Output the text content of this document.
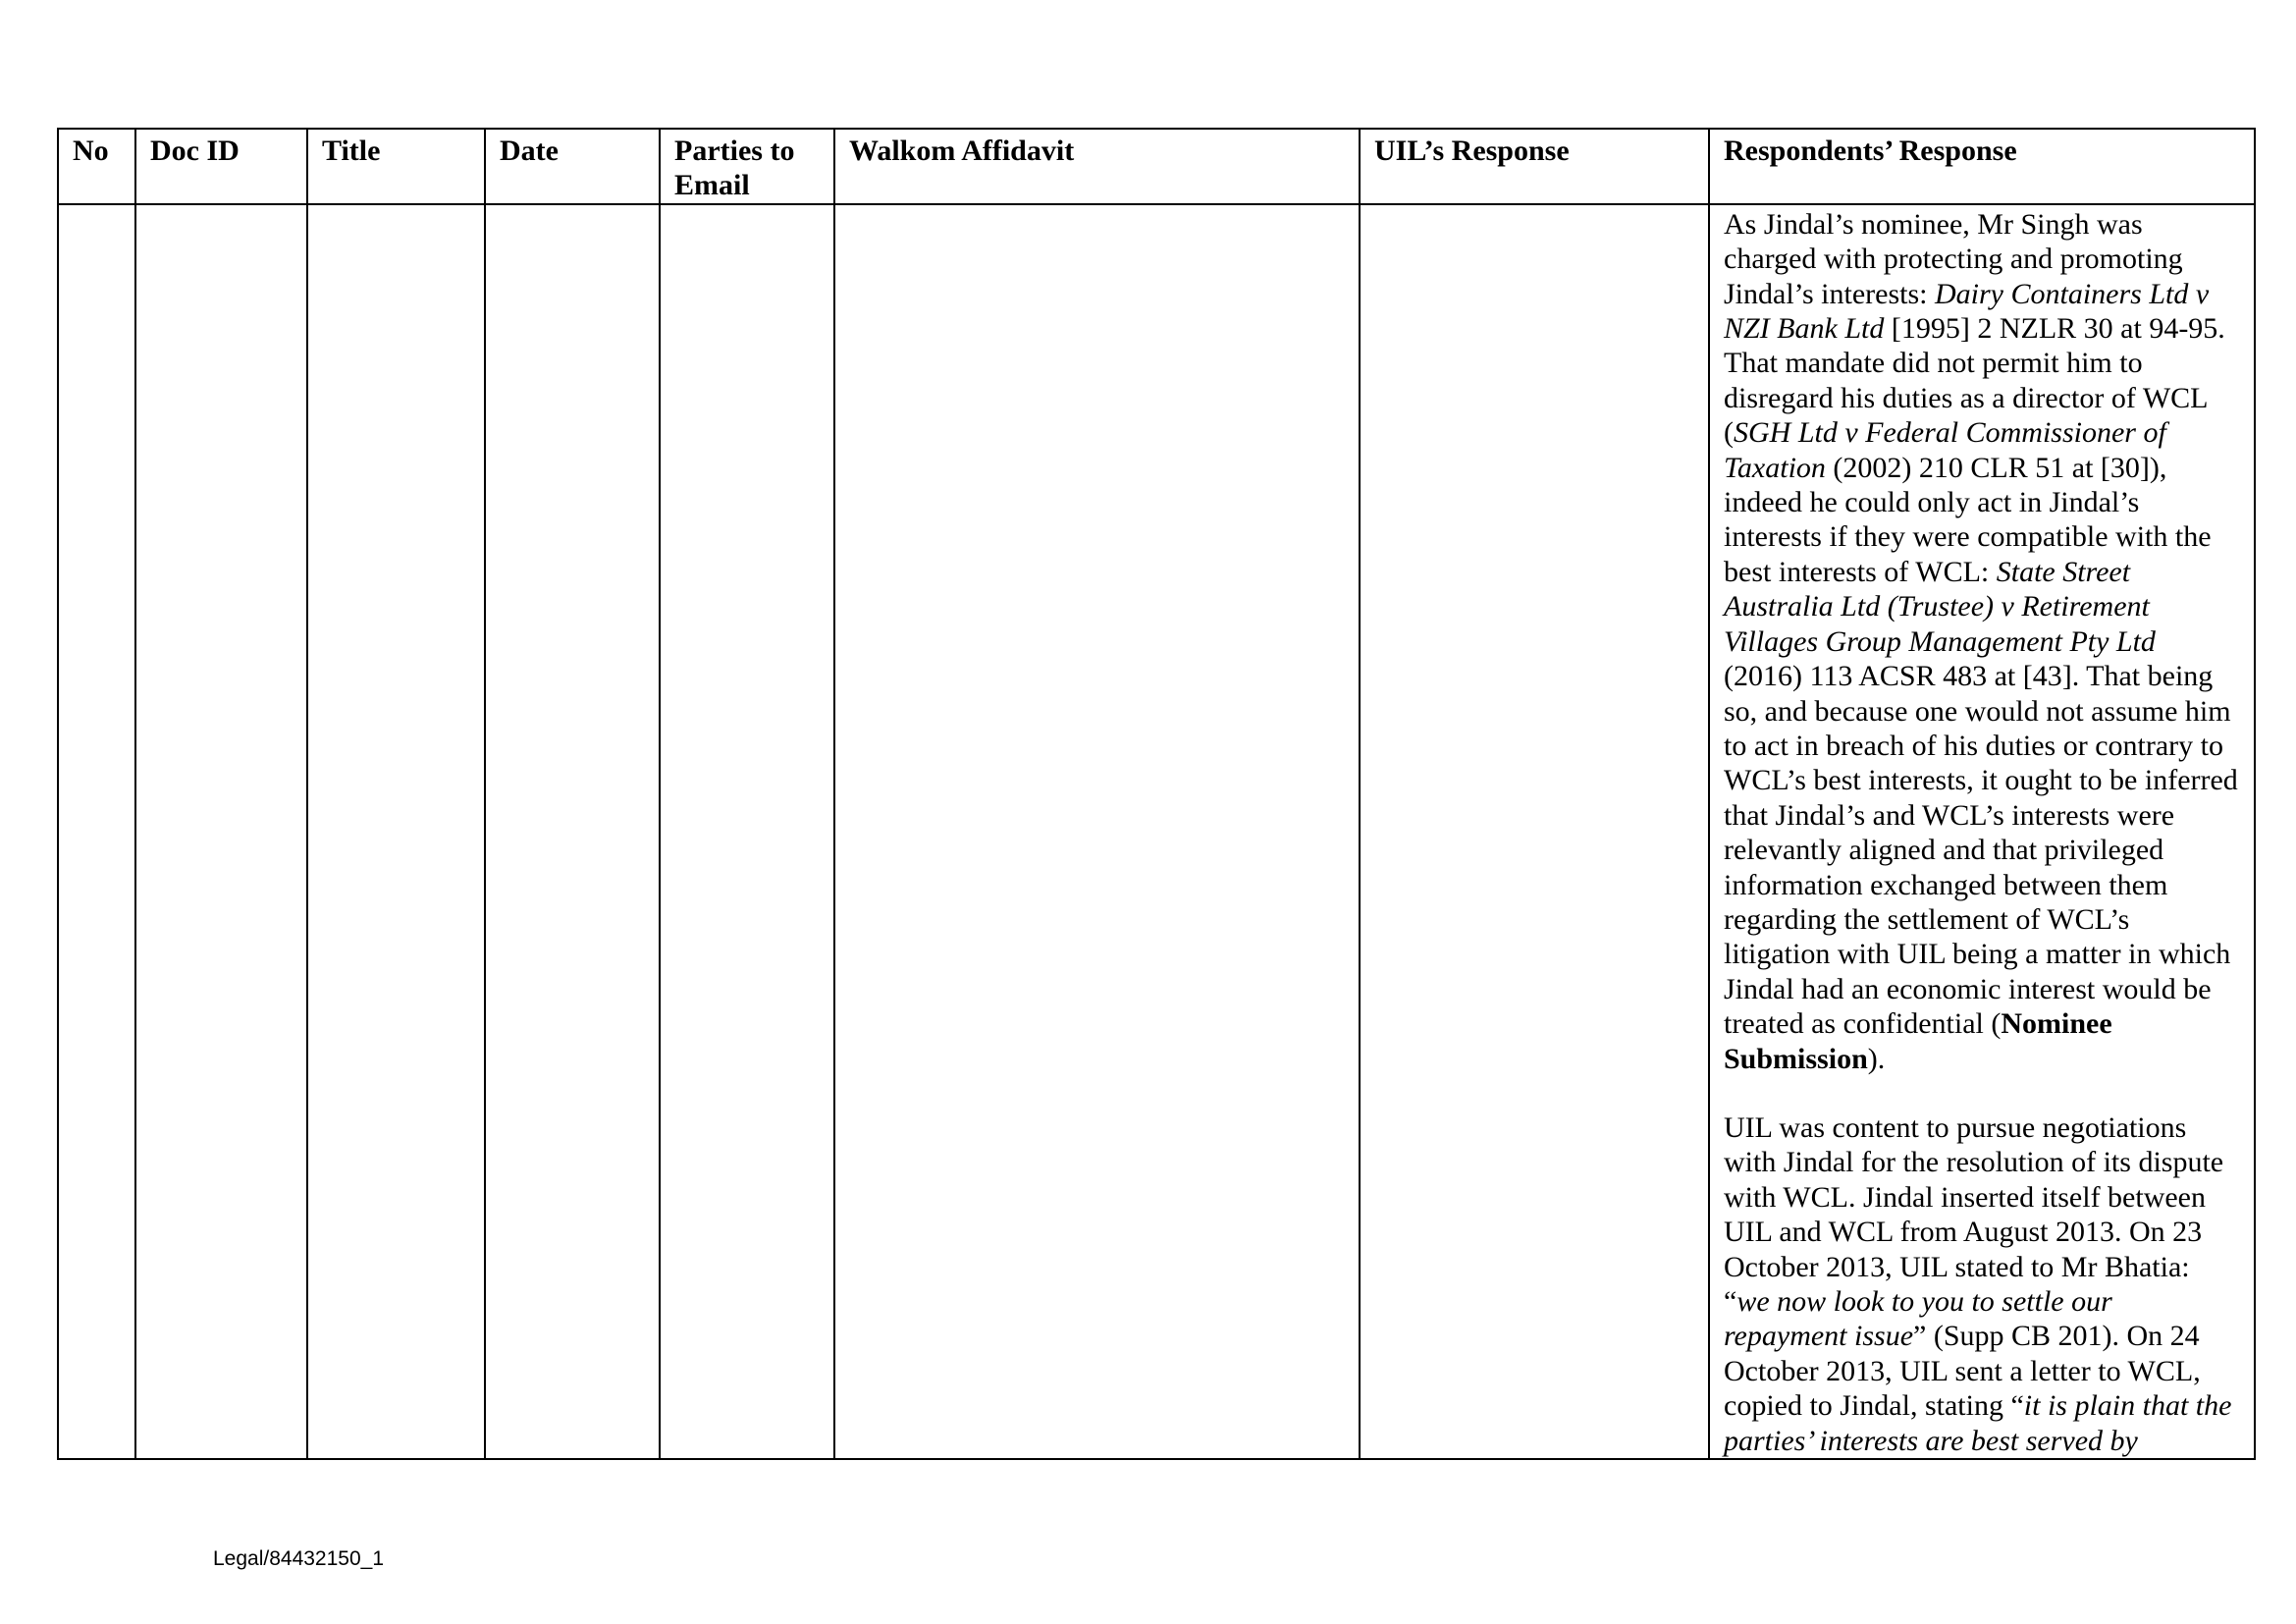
No	Doc ID	Title	Date	Parties to Email	Walkom Affidavit	UIL’s Response	Respondents’ Response

							As Jindal’s nominee, Mr Singh was charged with protecting and promoting Jindal’s interests: Dairy Containers Ltd v NZI Bank Ltd [1995] 2 NZLR 30 at 94-95. That mandate did not permit him to disregard his duties as a director of WCL (SGH Ltd v Federal Commissioner of Taxation (2002) 210 CLR 51 at [30]), indeed he could only act in Jindal’s interests if they were compatible with the best interests of WCL: State Street Australia Ltd (Trustee) v Retirement Villages Group Management Pty Ltd (2016) 113 ACSR 483 at [43]. That being so, and because one would not assume him to act in breach of his duties or contrary to WCL’s best interests, it ought to be inferred that Jindal’s and WCL’s interests were relevantly aligned and that privileged information exchanged between them regarding the settlement of WCL’s litigation with UIL being a matter in which Jindal had an economic interest would be treated as confidential (Nominee Submission).

UIL was content to pursue negotiations with Jindal for the resolution of its dispute with WCL. Jindal inserted itself between UIL and WCL from August 2013. On 23 October 2013, UIL stated to Mr Bhatia: “we now look to you to settle our repayment issue” (Supp CB 201). On 24 October 2013, UIL sent a letter to WCL, copied to Jindal, stating “it is plain that the parties’ interests are best served by

Legal/84432150_1
